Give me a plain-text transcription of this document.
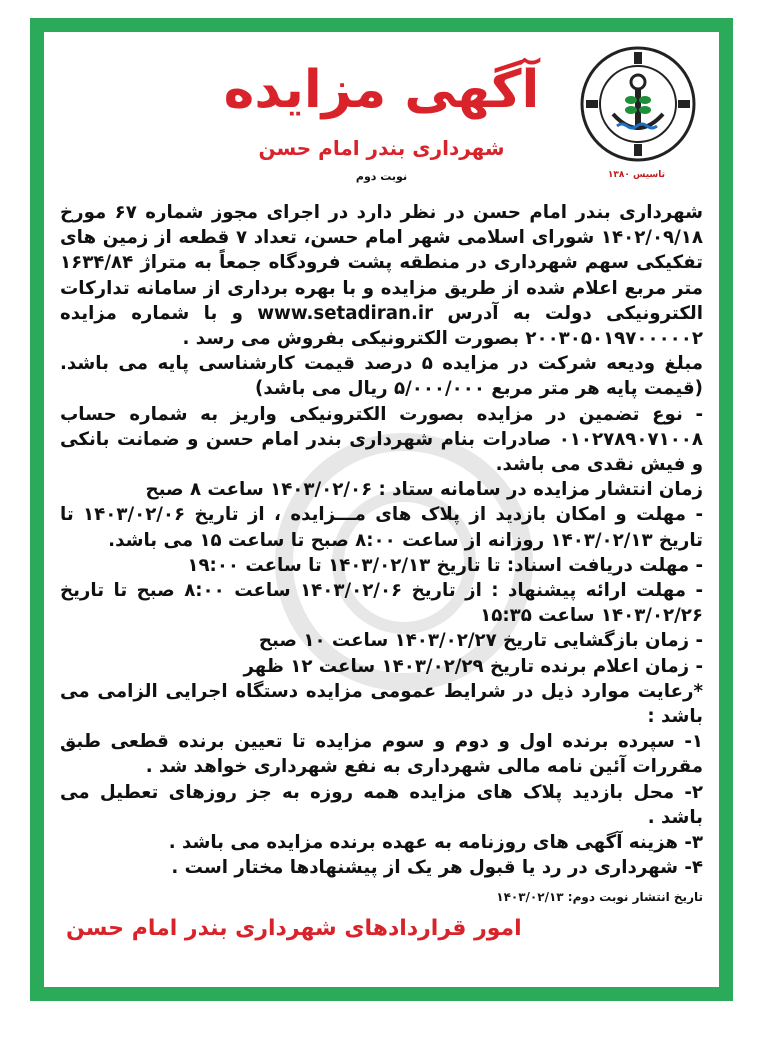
تاسیس ۱۳۸۰
آگهی مزایده
شهرداری بندر امام حسن
نوبت دوم

شهرداری بندر امام حسن در نظر دارد در اجرای مجوز شماره ۶۷ مورخ ۱۴۰۲/۰۹/۱۸ شورای اسلامی شهر امام حسن، تعداد ۷ قطعه از زمین های تفکیکی سهم شهرداری در منطقه پشت فرودگاه جمعاً به متراژ ۱۶۳۴/۸۴ متر مربع اعلام شده از طریق مزایده و با بهره برداری از سامانه تدارکات الکترونیکی دولت به آدرس www.setadiran.ir و با شماره مزایده ۲۰۰۳۰۵۰۱۹۷۰۰۰۰۰۲ بصورت الکترونیکی بفروش می رسد .

مبلغ ودیعه شرکت در مزایده ۵ درصد قیمت کارشناسی پایه می باشد.(قیمت پایه هر متر مربع ۵/۰۰۰/۰۰۰ ریال می باشد)

- نوع تضمین در مزایده بصورت الکترونیکی واریز به شماره حساب ۰۱۰۲۷۸۹۰۷۱۰۰۸ صادرات بنام شهرداری بندر امام حسن و ضمانت بانکی و فیش نقدی می باشد.

زمان انتشار مزایده در سامانه ستاد : ۱۴۰۳/۰۲/۰۶ ساعت ۸ صبح

- مهلت و امکان بازدید از پلاک های مـــزایده ، از تاریخ ۱۴۰۳/۰۲/۰۶ تا تاریخ ۱۴۰۳/۰۲/۱۳ روزانه از ساعت ۸:۰۰ صبح تا ساعت ۱۵ می باشد.

- مهلت دریافت اسناد: تا تاریخ ۱۴۰۳/۰۲/۱۳ تا ساعت ۱۹:۰۰

- مهلت ارائه پیشنهاد : از تاریخ ۱۴۰۳/۰۲/۰۶ ساعت ۸:۰۰ صبح تا تاریخ ۱۴۰۳/۰۲/۲۶ ساعت ۱۵:۳۵

- زمان بازگشایی تاریخ ۱۴۰۳/۰۲/۲۷ ساعت ۱۰ صبح

- زمان اعلام برنده تاریخ ۱۴۰۳/۰۲/۲۹ ساعت ۱۲ ظهر

*رعایت موارد ذیل در شرایط عمومی مزایده دستگاه اجرایی الزامی می باشد :

۱- سپرده برنده اول و دوم و سوم مزایده تا تعیین برنده قطعی طبق مقررات آئین نامه مالی شهرداری به نفع شهرداری خواهد شد .

۲- محل بازدید پلاک های مزایده همه روزه به جز روزهای تعطیل می باشد .

۳- هزینه آگهی های روزنامه به عهده برنده مزایده می باشد .

۴- شهرداری در رد یا قبول هر یک از پیشنهادها مختار است .

تاریخ انتشار نوبت دوم: ۱۴۰۳/۰۲/۱۳
امور قراردادهای شهرداری بندر امام حسن
